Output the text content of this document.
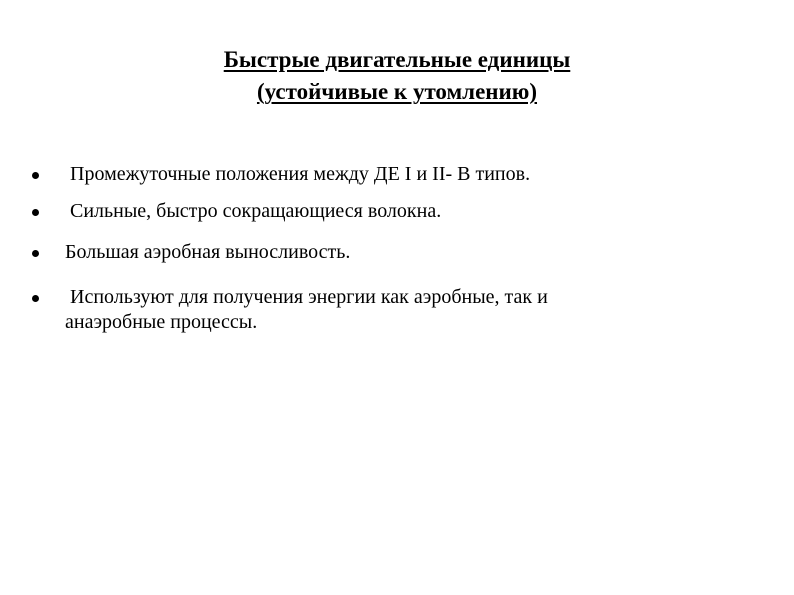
Быстрые двигательные единицы
(устойчивые к утомлению)
Промежуточные положения между ДЕ I и II- В типов.
Сильные, быстро сокращающиеся волокна.
Большая аэробная выносливость.
Используют для получения энергии как аэробные, так и
анаэробные процессы.
